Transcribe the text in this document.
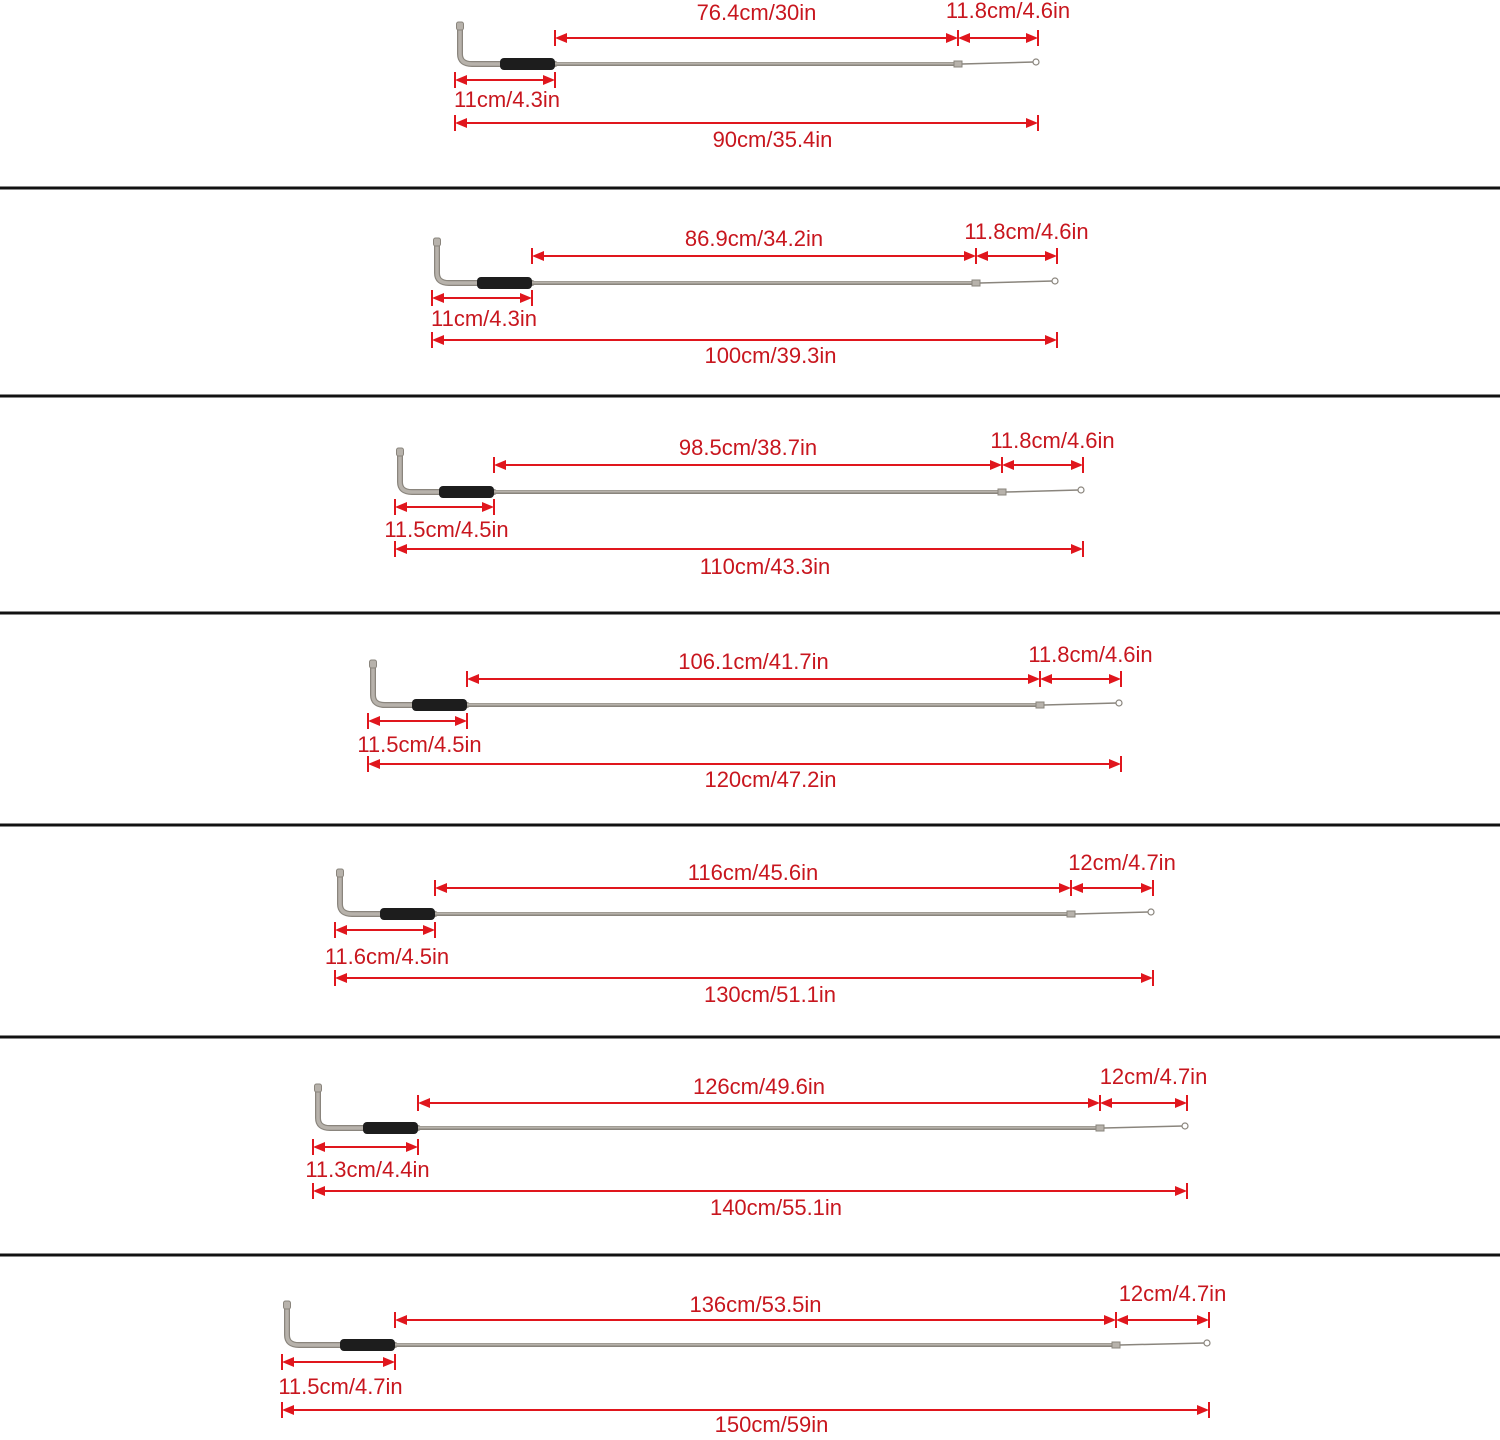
76.4cm/30in	11.8cm/4.6in
11cm/4.3in
90cm/35.4in
86.9cm/34.2in	11.8cm/4.6in
11cm/4.3in
100cm/39.3in
98.5cm/38.7in	11.8cm/4.6in
11.5cm/4.5in
110cm/43.3in
106.1cm/41.7in	11.8cm/4.6in
11.5cm/4.5in
120cm/47.2in
116cm/45.6in	12cm/4.7in
11.6cm/4.5in
130cm/51.1in
126cm/49.6in	12cm/4.7in
11.3cm/4.4in
140cm/55.1in
136cm/53.5in	12cm/4.7in
11.5cm/4.7in
150cm/59in
